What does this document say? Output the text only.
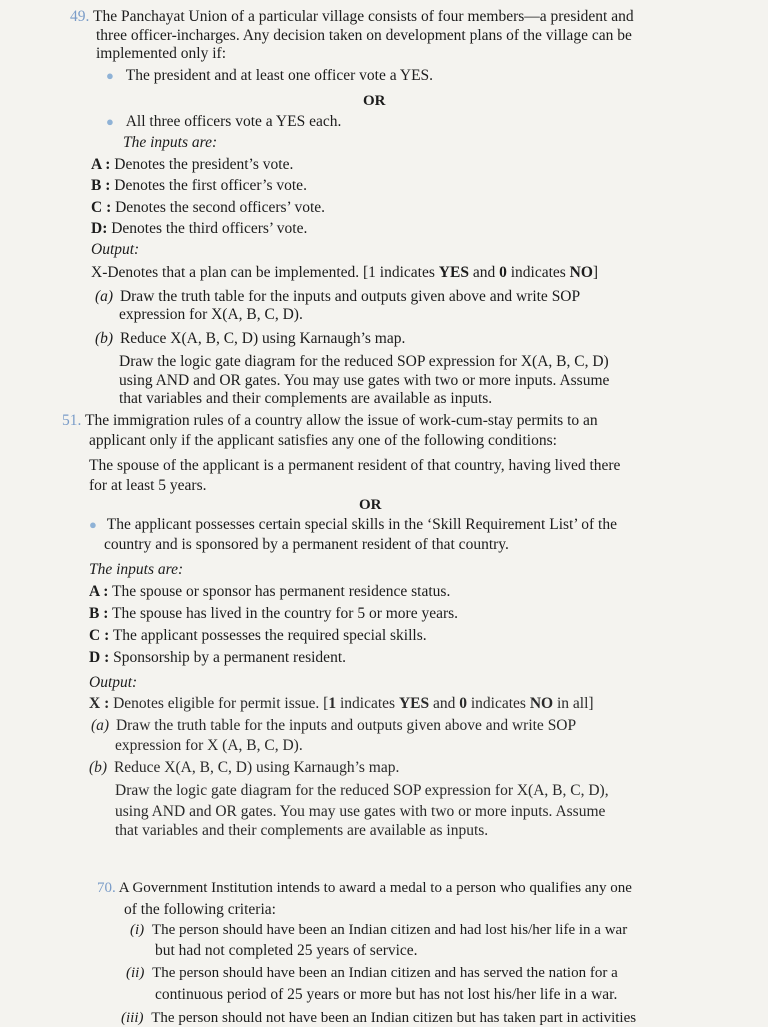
49. The Panchayat Union of a particular village consists of four members—a president and
three officer-incharges. Any decision taken on development plans of the village can be
implemented only if:
● The president and at least one officer vote a YES.
OR
● All three officers vote a YES each.
The inputs are:
A : Denotes the president’s vote.
B : Denotes the first officer’s vote.
C : Denotes the second officers’ vote.
D: Denotes the third officers’ vote.
Output:
X-Denotes that a plan can be implemented. [1 indicates YES and 0 indicates NO]
(a) Draw the truth table for the inputs and outputs given above and write SOP
expression for X(A, B, C, D).
(b) Reduce X(A, B, C, D) using Karnaugh’s map.
Draw the logic gate diagram for the reduced SOP expression for X(A, B, C, D)
using AND and OR gates. You may use gates with two or more inputs. Assume
that variables and their complements are available as inputs.
51. The immigration rules of a country allow the issue of work-cum-stay permits to an
applicant only if the applicant satisfies any one of the following conditions:
The spouse of the applicant is a permanent resident of that country, having lived there
for at least 5 years.
OR
● The applicant possesses certain special skills in the ‘Skill Requirement List’ of the
country and is sponsored by a permanent resident of that country.
The inputs are:
A : The spouse or sponsor has permanent residence status.
B : The spouse has lived in the country for 5 or more years.
C : The applicant possesses the required special skills.
D : Sponsorship by a permanent resident.
Output:
X : Denotes eligible for permit issue. [1 indicates YES and 0 indicates NO in all]
(a) Draw the truth table for the inputs and outputs given above and write SOP
expression for X (A, B, C, D).
(b) Reduce X(A, B, C, D) using Karnaugh’s map.
Draw the logic gate diagram for the reduced SOP expression for X(A, B, C, D),
using AND and OR gates. You may use gates with two or more inputs. Assume
that variables and their complements are available as inputs.
70. A Government Institution intends to award a medal to a person who qualifies any one
of the following criteria:
(i) The person should have been an Indian citizen and had lost his/her life in a war
but had not completed 25 years of service.
(ii) The person should have been an Indian citizen and has served the nation for a
continuous period of 25 years or more but has not lost his/her life in a war.
(iii) The person should not have been an Indian citizen but has taken part in activities
